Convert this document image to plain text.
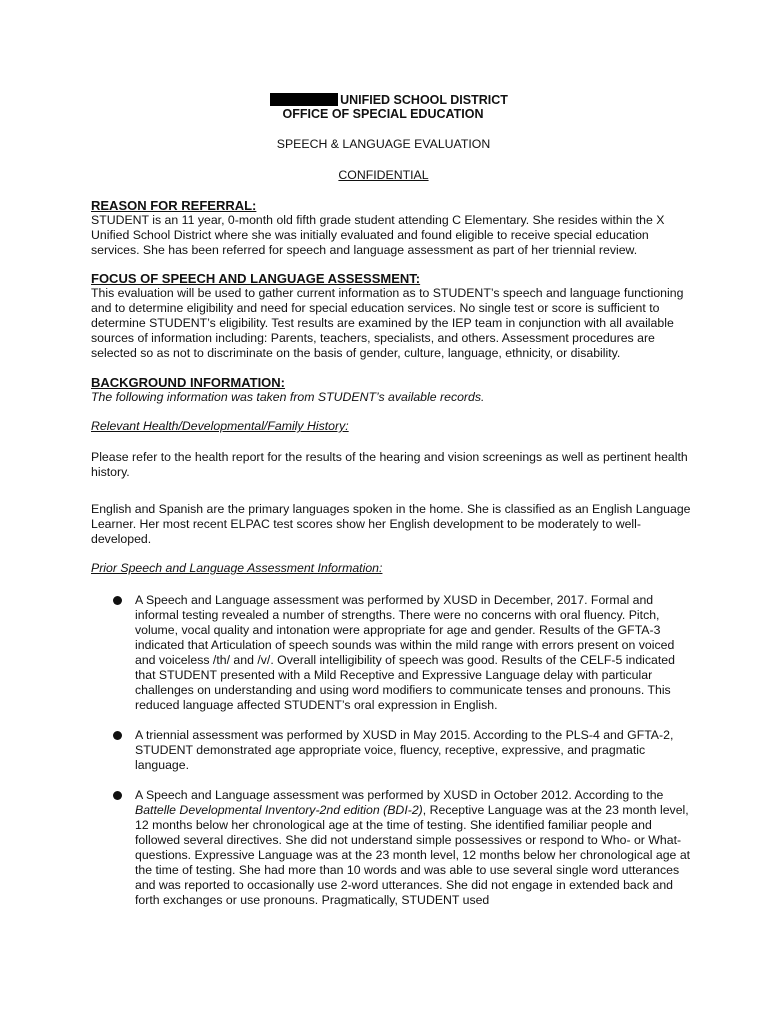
UNIFIED SCHOOL DISTRICT
OFFICE OF SPECIAL EDUCATION
SPEECH & LANGUAGE EVALUATION
CONFIDENTIAL
REASON FOR REFERRAL:

STUDENT is an 11 year, 0-month old fifth grade student attending C Elementary. She resides within the X Unified School District where she was initially evaluated and found eligible to receive special education services. She has been referred for speech and language assessment as part of her triennial review.

FOCUS OF SPEECH AND LANGUAGE ASSESSMENT:

This evaluation will be used to gather current information as to STUDENT’s speech and language functioning and to determine eligibility and need for special education services. No single test or score is sufficient to determine STUDENT’s eligibility. Test results are examined by the IEP team in conjunction with all available sources of information including: Parents, teachers, specialists, and others. Assessment procedures are selected so as not to discriminate on the basis of gender, culture, language, ethnicity, or disability.

BACKGROUND INFORMATION:

The following information was taken from STUDENT’s available records.

Relevant Health/Developmental/Family History:

Please refer to the health report for the results of the hearing and vision screenings as well as pertinent health history.

English and Spanish are the primary languages spoken in the home. She is classified as an English Language Learner. Her most recent ELPAC test scores show her English development to be moderately to well-developed.

Prior Speech and Language Assessment Information:

A Speech and Language assessment was performed by XUSD in December, 2017. Formal and informal testing revealed a number of strengths. There were no concerns with oral fluency. Pitch, volume, vocal quality and intonation were appropriate for age and gender. Results of the GFTA-3 indicated that Articulation of speech sounds was within the mild range with errors present on voiced and voiceless /th/ and /v/. Overall intelligibility of speech was good. Results of the CELF-5 indicated that STUDENT presented with a Mild Receptive and Expressive Language delay with particular challenges on understanding and using word modifiers to communicate tenses and pronouns. This reduced language affected STUDENT’s oral expression in English.
A triennial assessment was performed by XUSD in May 2015. According to the PLS-4 and GFTA-2, STUDENT demonstrated age appropriate voice, fluency, receptive, expressive, and pragmatic language.
A Speech and Language assessment was performed by XUSD in October 2012. According to the Battelle Developmental Inventory-2nd edition (BDI-2), Receptive Language was at the 23 month level, 12 months below her chronological age at the time of testing. She identified familiar people and followed several directives. She did not understand simple possessives or respond to Who- or What-questions. Expressive Language was at the 23 month level, 12 months below her chronological age at the time of testing. She had more than 10 words and was able to use several single word utterances and was reported to occasionally use 2-word utterances. She did not engage in extended back and forth exchanges or use pronouns. Pragmatically, STUDENT used
